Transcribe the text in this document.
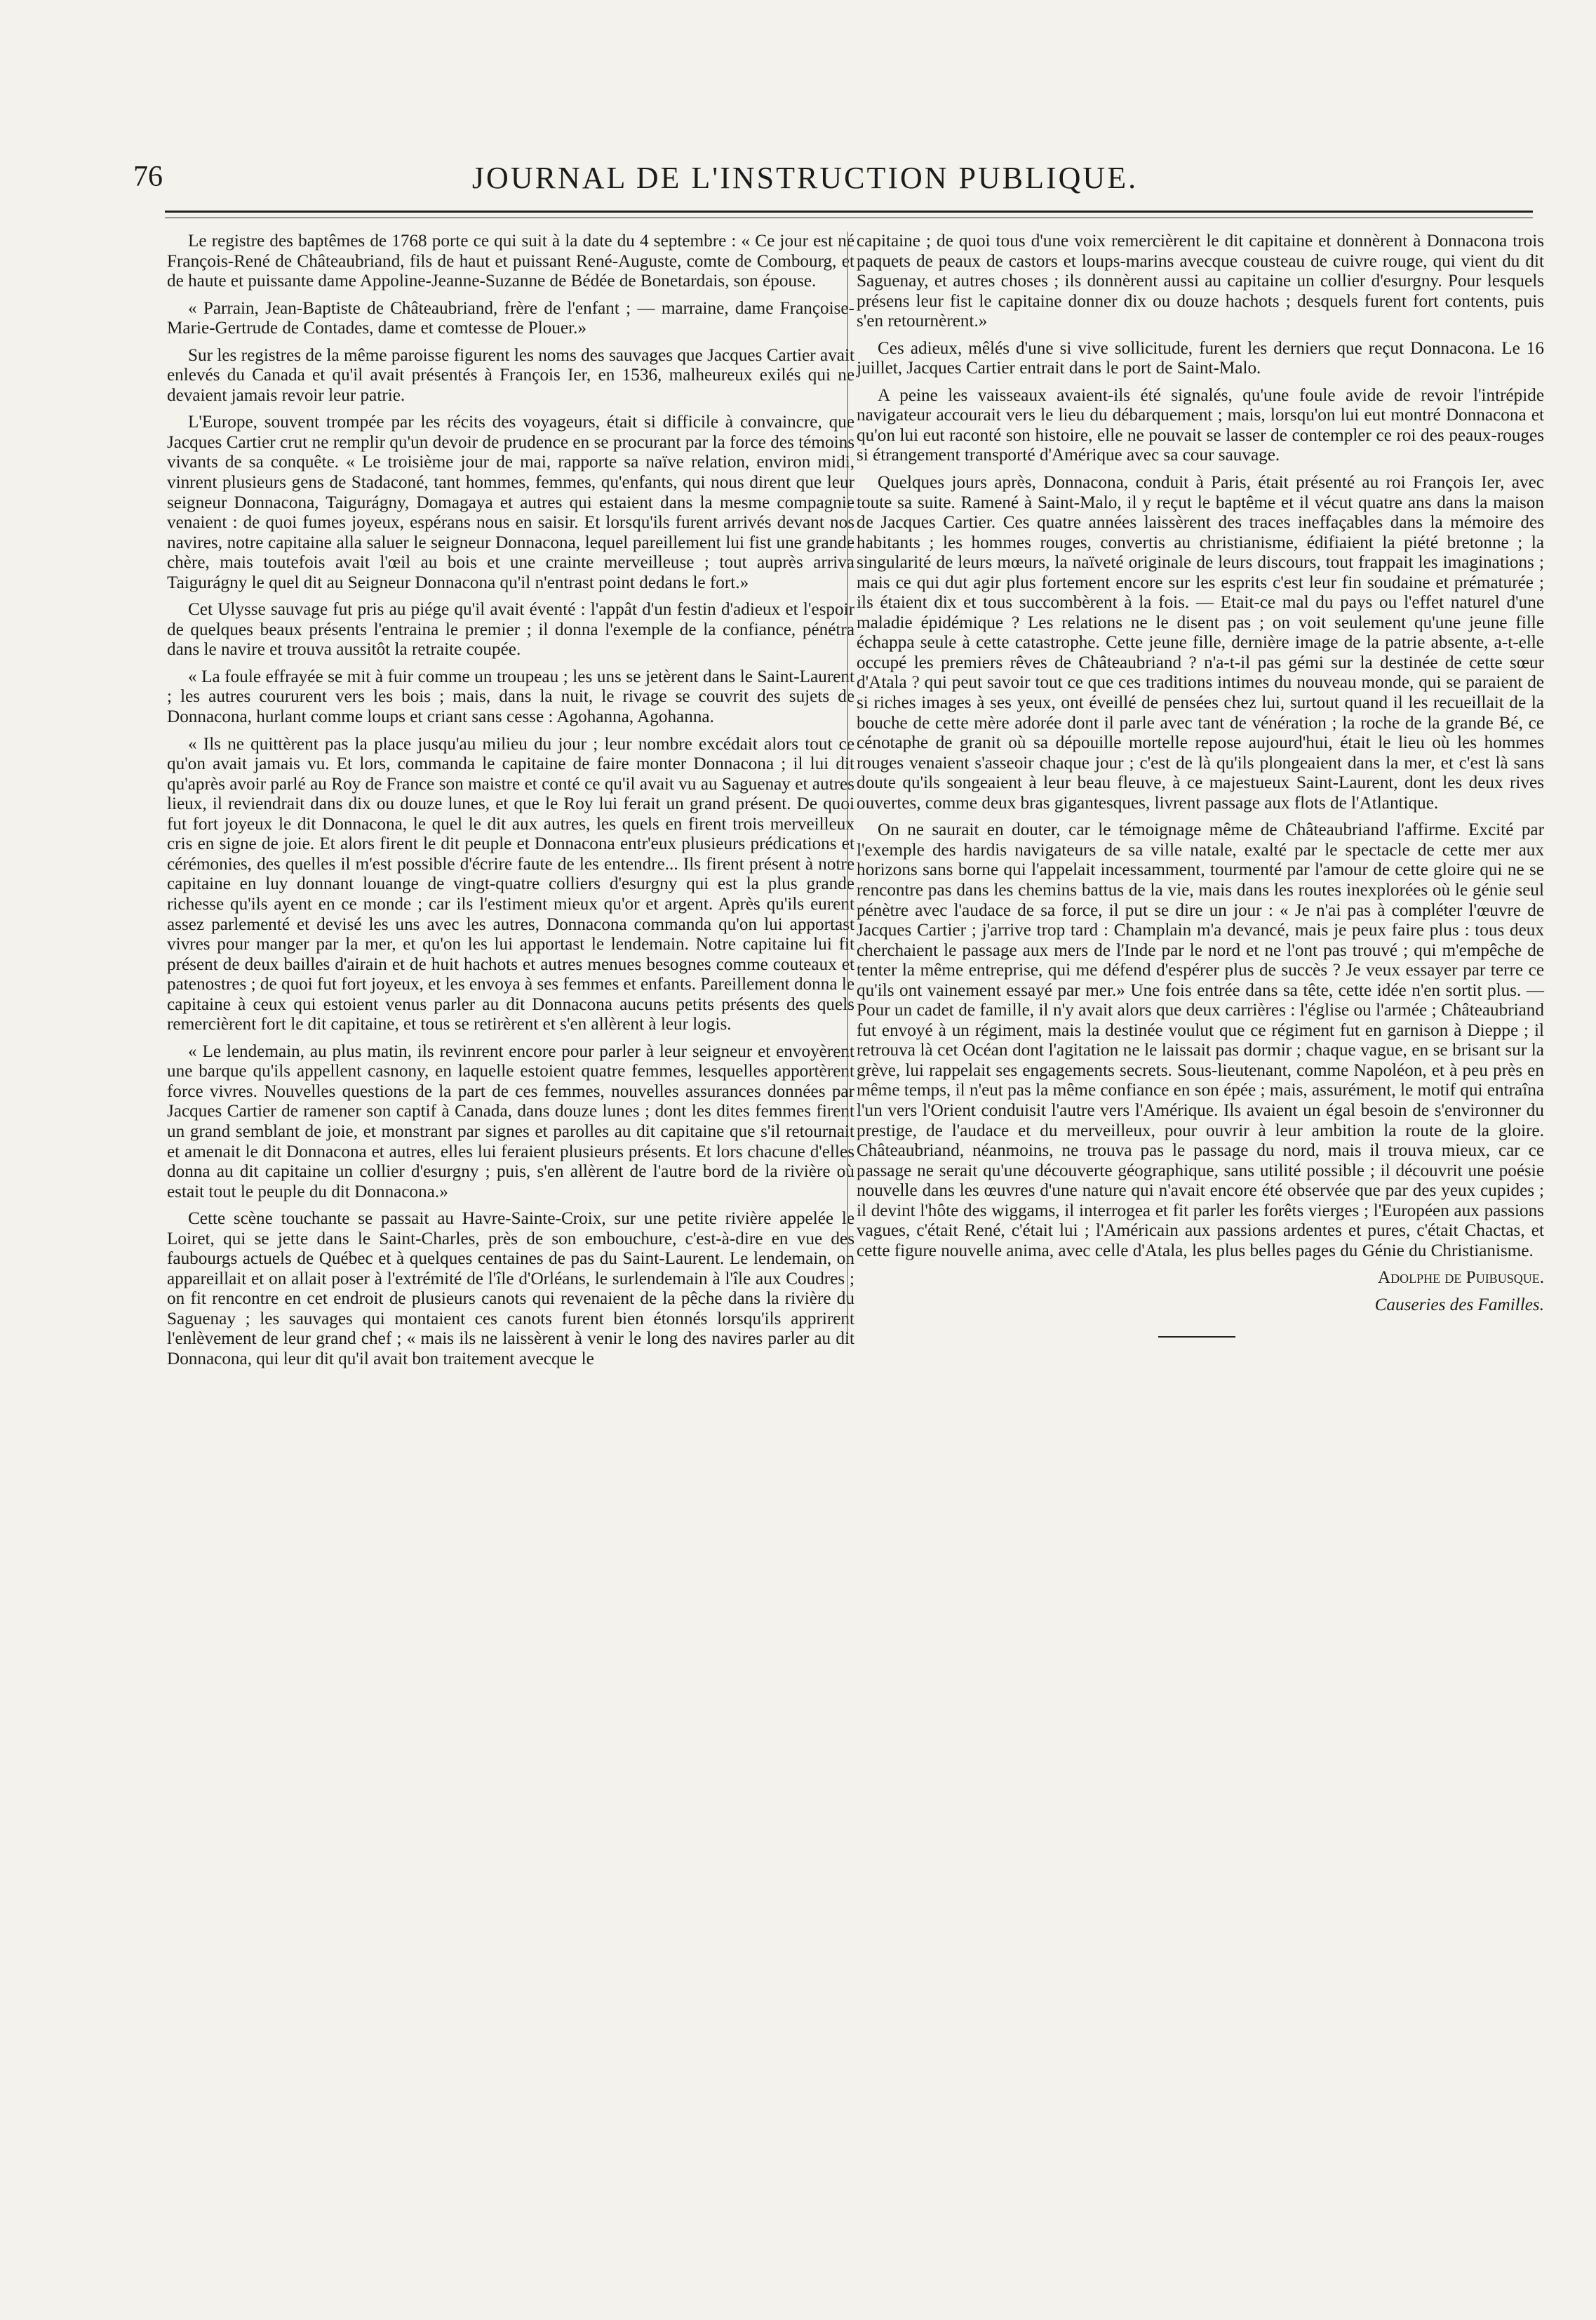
76	JOURNAL DE L'INSTRUCTION PUBLIQUE.

Le registre des baptêmes de 1768 porte ce qui suit à la date du 4 septembre : « Ce jour est né François-René de Châteaubriand, fils de haut et puissant René-Auguste, comte de Combourg, et de haute et puissante dame Appoline-Jeanne-Suzanne de Bédée de Bonetardais, son épouse.

« Parrain, Jean-Baptiste de Châteaubriand, frère de l'enfant ; — marraine, dame Françoise-Marie-Gertrude de Contades, dame et comtesse de Plouer.»

Sur les registres de la même paroisse figurent les noms des sauvages que Jacques Cartier avait enlevés du Canada et qu'il avait présentés à François Ier, en 1536, malheureux exilés qui ne devaient jamais revoir leur patrie.

L'Europe, souvent trompée par les récits des voyageurs, était si difficile à convaincre, que Jacques Cartier crut ne remplir qu'un devoir de prudence en se procurant par la force des témoins vivants de sa conquête. « Le troisième jour de mai, rapporte sa naïve relation, environ midi, vinrent plusieurs gens de Stadaconé, tant hommes, femmes, qu'enfants, qui nous dirent que leur seigneur Donnacona, Taigurágny, Domagaya et autres qui estaient dans la mesme compagnie venaient : de quoi fumes joyeux, espérans nous en saisir. Et lorsqu'ils furent arrivés devant nos navires, notre capitaine alla saluer le seigneur Donnacona, lequel pareillement lui fist une grande chère, mais toutefois avait l'œil au bois et une crainte merveilleuse ; tout auprès arriva Taigurágny le quel dit au Seigneur Donnacona qu'il n'entrast point dedans le fort.»

Cet Ulysse sauvage fut pris au piége qu'il avait éventé : l'appât d'un festin d'adieux et l'espoir de quelques beaux présents l'entraina le premier ; il donna l'exemple de la confiance, pénétra dans le navire et trouva aussitôt la retraite coupée.

« La foule effrayée se mit à fuir comme un troupeau ; les uns se jetèrent dans le Saint-Laurent ; les autres coururent vers les bois ; mais, dans la nuit, le rivage se couvrit des sujets de Donnacona, hurlant comme loups et criant sans cesse : Agohanna, Agohanna.

« Ils ne quittèrent pas la place jusqu'au milieu du jour ; leur nombre excédait alors tout ce qu'on avait jamais vu. Et lors, commanda le capitaine de faire monter Donnacona ; il lui dit qu'après avoir parlé au Roy de France son maistre et conté ce qu'il avait vu au Saguenay et autres lieux, il reviendrait dans dix ou douze lunes, et que le Roy lui ferait un grand présent. De quoi fut fort joyeux le dit Donnacona, le quel le dit aux autres, les quels en firent trois merveilleux cris en signe de joie. Et alors firent le dit peuple et Donnacona entr'eux plusieurs prédications et cérémonies, des quelles il m'est possible d'écrire faute de les entendre... Ils firent présent à notre capitaine en luy donnant louange de vingt-quatre colliers d'esurgny qui est la plus grande richesse qu'ils ayent en ce monde ; car ils l'estiment mieux qu'or et argent. Après qu'ils eurent assez parlementé et devisé les uns avec les autres, Donnacona commanda qu'on lui apportast vivres pour manger par la mer, et qu'on les lui apportast le lendemain. Notre capitaine lui fit présent de deux bailles d'airain et de huit hachots et autres menues besognes comme couteaux et patenostres ; de quoi fut fort joyeux, et les envoya à ses femmes et enfants. Pareillement donna le capitaine à ceux qui estoient venus parler au dit Donnacona aucuns petits présents des quels remercièrent fort le dit capitaine, et tous se retirèrent et s'en allèrent à leur logis.

« Le lendemain, au plus matin, ils revinrent encore pour parler à leur seigneur et envoyèrent une barque qu'ils appellent casnony, en laquelle estoient quatre femmes, lesquelles apportèrent force vivres. Nouvelles questions de la part de ces femmes, nouvelles assurances données par Jacques Cartier de ramener son captif à Canada, dans douze lunes ; dont les dites femmes firent un grand semblant de joie, et monstrant par signes et parolles au dit capitaine que s'il retournait et amenait le dit Donnacona et autres, elles lui feraient plusieurs présents. Et lors chacune d'elles donna au dit capitaine un collier d'esurgny ; puis, s'en allèrent de l'autre bord de la rivière où estait tout le peuple du dit Donnacona.»

Cette scène touchante se passait au Havre-Sainte-Croix, sur une petite rivière appelée le Loiret, qui se jette dans le Saint-Charles, près de son embouchure, c'est-à-dire en vue des faubourgs actuels de Québec et à quelques centaines de pas du Saint-Laurent. Le lendemain, on appareillait et on allait poser à l'extrémité de l'île d'Orléans, le surlendemain à l'île aux Coudres ; on fit rencontre en cet endroit de plusieurs canots qui revenaient de la pêche dans la rivière du Saguenay ; les sauvages qui montaient ces canots furent bien étonnés lorsqu'ils apprirent l'enlèvement de leur grand chef ; « mais ils ne laissèrent à venir le long des navires parler au dit Donnacona, qui leur dit qu'il avait bon traitement avecque le

capitaine ; de quoi tous d'une voix remercièrent le dit capitaine et donnèrent à Donnacona trois paquets de peaux de castors et loups-marins avecque cousteau de cuivre rouge, qui vient du dit Saguenay, et autres choses ; ils donnèrent aussi au capitaine un collier d'esurgny. Pour lesquels présens leur fist le capitaine donner dix ou douze hachots ; desquels furent fort contents, puis s'en retournèrent.»

Ces adieux, mêlés d'une si vive sollicitude, furent les derniers que reçut Donnacona. Le 16 juillet, Jacques Cartier entrait dans le port de Saint-Malo.

A peine les vaisseaux avaient-ils été signalés, qu'une foule avide de revoir l'intrépide navigateur accourait vers le lieu du débarquement ; mais, lorsqu'on lui eut montré Donnacona et qu'on lui eut raconté son histoire, elle ne pouvait se lasser de contempler ce roi des peaux-rouges si étrangement transporté d'Amérique avec sa cour sauvage.

Quelques jours après, Donnacona, conduit à Paris, était présenté au roi François Ier, avec toute sa suite. Ramené à Saint-Malo, il y reçut le baptême et il vécut quatre ans dans la maison de Jacques Cartier. Ces quatre années laissèrent des traces ineffaçables dans la mémoire des habitants ; les hommes rouges, convertis au christianisme, édifiaient la piété bretonne ; la singularité de leurs mœurs, la naïveté originale de leurs discours, tout frappait les imaginations ; mais ce qui dut agir plus fortement encore sur les esprits c'est leur fin soudaine et prématurée ; ils étaient dix et tous succombèrent à la fois. — Etait-ce mal du pays ou l'effet naturel d'une maladie épidémique ? Les relations ne le disent pas ; on voit seulement qu'une jeune fille échappa seule à cette catastrophe. Cette jeune fille, dernière image de la patrie absente, a-t-elle occupé les premiers rêves de Châteaubriand ? n'a-t-il pas gémi sur la destinée de cette sœur d'Atala ? qui peut savoir tout ce que ces traditions intimes du nouveau monde, qui se paraient de si riches images à ses yeux, ont éveillé de pensées chez lui, surtout quand il les recueillait de la bouche de cette mère adorée dont il parle avec tant de vénération ; la roche de la grande Bé, ce cénotaphe de granit où sa dépouille mortelle repose aujourd'hui, était le lieu où les hommes rouges venaient s'asseoir chaque jour ; c'est de là qu'ils plongeaient dans la mer, et c'est là sans doute qu'ils songeaient à leur beau fleuve, à ce majestueux Saint-Laurent, dont les deux rives ouvertes, comme deux bras gigantesques, livrent passage aux flots de l'Atlantique.

On ne saurait en douter, car le témoignage même de Châteaubriand l'affirme. Excité par l'exemple des hardis navigateurs de sa ville natale, exalté par le spectacle de cette mer aux horizons sans borne qui l'appelait incessamment, tourmenté par l'amour de cette gloire qui ne se rencontre pas dans les chemins battus de la vie, mais dans les routes inexplorées où le génie seul pénètre avec l'audace de sa force, il put se dire un jour : « Je n'ai pas à compléter l'œuvre de Jacques Cartier ; j'arrive trop tard : Champlain m'a devancé, mais je peux faire plus : tous deux cherchaient le passage aux mers de l'Inde par le nord et ne l'ont pas trouvé ; qui m'empêche de tenter la même entreprise, qui me défend d'espérer plus de succès ? Je veux essayer par terre ce qu'ils ont vainement essayé par mer.» Une fois entrée dans sa tête, cette idée n'en sortit plus. — Pour un cadet de famille, il n'y avait alors que deux carrières : l'église ou l'armée ; Châteaubriand fut envoyé à un régiment, mais la destinée voulut que ce régiment fut en garnison à Dieppe ; il retrouva là cet Océan dont l'agitation ne le laissait pas dormir ; chaque vague, en se brisant sur la grève, lui rappelait ses engagements secrets. Sous-lieutenant, comme Napoléon, et à peu près en même temps, il n'eut pas la même confiance en son épée ; mais, assurément, le motif qui entraîna l'un vers l'Orient conduisit l'autre vers l'Amérique. Ils avaient un égal besoin de s'environner du prestige, de l'audace et du merveilleux, pour ouvrir à leur ambition la route de la gloire. Châteaubriand, néanmoins, ne trouva pas le passage du nord, mais il trouva mieux, car ce passage ne serait qu'une découverte géographique, sans utilité possible ; il découvrit une poésie nouvelle dans les œuvres d'une nature qui n'avait encore été observée que par des yeux cupides ; il devint l'hôte des wiggams, il interrogea et fit parler les forêts vierges ; l'Européen aux passions vagues, c'était René, c'était lui ; l'Américain aux passions ardentes et pures, c'était Chactas, et cette figure nouvelle anima, avec celle d'Atala, les plus belles pages du Génie du Christianisme.

Adolphe de Puibusque.

Causeries des Familles.
